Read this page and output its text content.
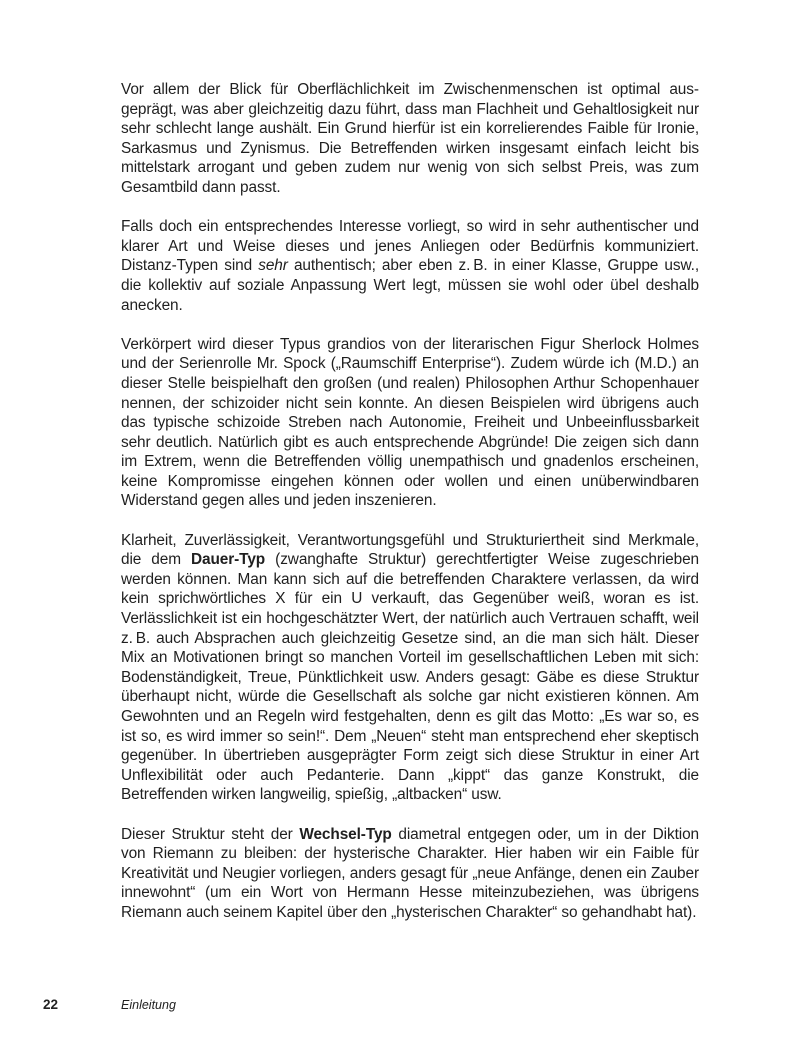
Vor allem der Blick für Oberflächlichkeit im Zwischenmenschen ist optimal ausgeprägt, was aber gleichzeitig dazu führt, dass man Flachheit und Gehaltlosigkeit nur sehr schlecht lange aushält. Ein Grund hierfür ist ein korrelierendes Faible für Ironie, Sarkasmus und Zynismus. Die Betreffenden wirken insgesamt einfach leicht bis mittelstark arrogant und geben zudem nur wenig von sich selbst Preis, was zum Gesamtbild dann passt.

Falls doch ein entsprechendes Interesse vorliegt, so wird in sehr authentischer und klarer Art und Weise dieses und jenes Anliegen oder Bedürfnis kommuniziert. Distanz-Typen sind sehr authentisch; aber eben z. B. in einer Klasse, Gruppe usw., die kollektiv auf soziale Anpassung Wert legt, müssen sie wohl oder übel deshalb anecken.

Verkörpert wird dieser Typus grandios von der literarischen Figur Sherlock Holmes und der Serienrolle Mr. Spock („Raumschiff Enterprise“). Zudem würde ich (M.D.) an dieser Stelle beispielhaft den großen (und realen) Philosophen Arthur Schopenhauer nennen, der schizoider nicht sein konnte. An diesen Beispielen wird übrigens auch das typische schizoide Streben nach Autonomie, Freiheit und Unbeeinflussbarkeit sehr deutlich. Natürlich gibt es auch entsprechende Abgründe! Die zeigen sich dann im Extrem, wenn die Betreffenden völlig unempathisch und gnadenlos erscheinen, keine Kompromisse eingehen können oder wollen und einen unüberwindbaren Widerstand gegen alles und jeden inszenieren.

Klarheit, Zuverlässigkeit, Verantwortungsgefühl und Strukturiertheit sind Merkmale, die dem Dauer-Typ (zwanghafte Struktur) gerechtfertigter Weise zugeschrieben werden können. Man kann sich auf die betreffenden Charaktere verlassen, da wird kein sprichwörtliches X für ein U verkauft, das Gegenüber weiß, woran es ist. Verlässlichkeit ist ein hochgeschätzter Wert, der natürlich auch Vertrauen schafft, weil z. B. auch Absprachen auch gleichzeitig Gesetze sind, an die man sich hält. Dieser Mix an Motivationen bringt so manchen Vorteil im gesellschaftlichen Leben mit sich: Bodenständigkeit, Treue, Pünktlichkeit usw. Anders gesagt: Gäbe es diese Struktur überhaupt nicht, würde die Gesellschaft als solche gar nicht existieren können. Am Gewohnten und an Regeln wird festgehalten, denn es gilt das Motto: „Es war so, es ist so, es wird immer so sein!“. Dem „Neuen“ steht man entsprechend eher skeptisch gegenüber. In übertrieben ausgeprägter Form zeigt sich diese Struktur in einer Art Unflexibilität oder auch Pedanterie. Dann „kippt“ das ganze Konstrukt, die Betreffenden wirken langweilig, spießig, „altbacken“ usw.

Dieser Struktur steht der Wechsel-Typ diametral entgegen oder, um in der Diktion von Riemann zu bleiben: der hysterische Charakter. Hier haben wir ein Faible für Kreativität und Neugier vorliegen, anders gesagt für „neue Anfänge, denen ein Zauber innewohnt“ (um ein Wort von Hermann Hesse miteinzubeziehen, was übrigens Riemann auch seinem Kapitel über den „hysterischen Charakter“ so gehandhabt hat).

22	Einleitung
